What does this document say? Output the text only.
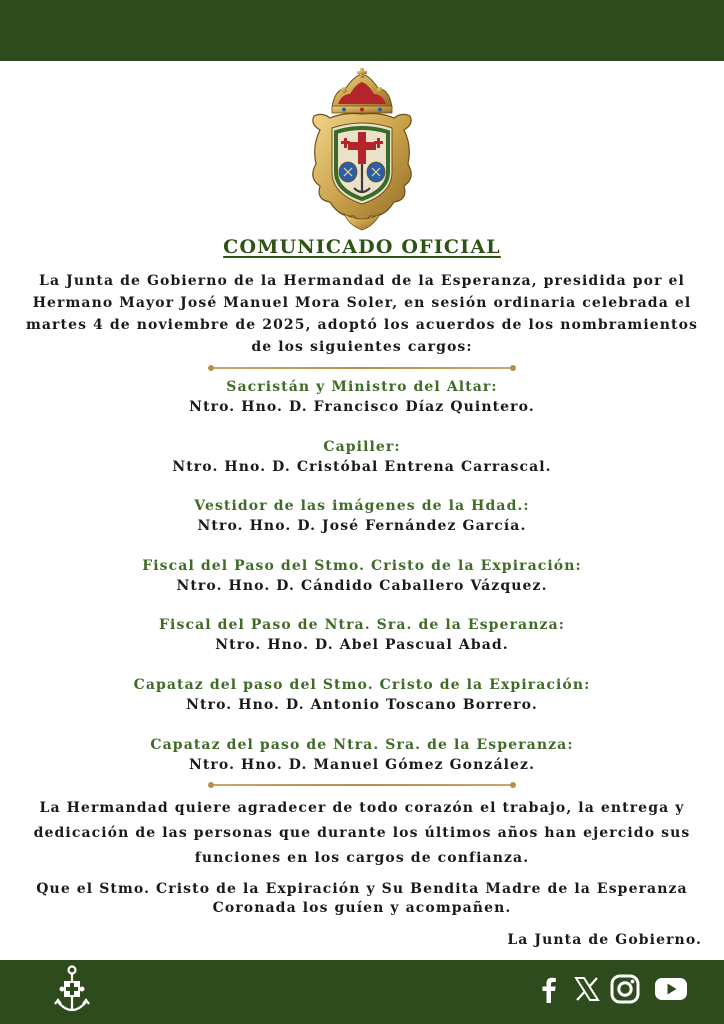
COMUNICADO OFICIAL
La Junta de Gobierno de la Hermandad de la Esperanza, presidida por el Hermano Mayor José Manuel Mora Soler, en sesión ordinaria celebrada el martes 4 de noviembre de 2025, adoptó los acuerdos de los nombramientos de los siguientes cargos:
Sacristán y Ministro del Altar:
Ntro. Hno. D. Francisco Díaz Quintero.
Capiller:
Ntro. Hno. D. Cristóbal Entrena Carrascal.
Vestidor de las imágenes de la Hdad.:
Ntro. Hno. D. José Fernández García.
Fiscal del Paso del Stmo. Cristo de la Expiración:
Ntro. Hno. D. Cándido Caballero Vázquez.
Fiscal del Paso de Ntra. Sra. de la Esperanza:
Ntro. Hno. D. Abel Pascual Abad.
Capataz del paso del Stmo. Cristo de la Expiración:
Ntro. Hno. D. Antonio Toscano Borrero.
Capataz del paso de Ntra. Sra. de la Esperanza:
Ntro. Hno. D. Manuel Gómez González.
La Hermandad quiere agradecer de todo corazón el trabajo, la entrega y
dedicación de las personas que durante los últimos años han ejercido sus
funciones en los cargos de confianza.
Que el Stmo. Cristo de la Expiración y Su Bendita Madre de la Esperanza
Coronada los guíen y acompañen.
La Junta de Gobierno.
